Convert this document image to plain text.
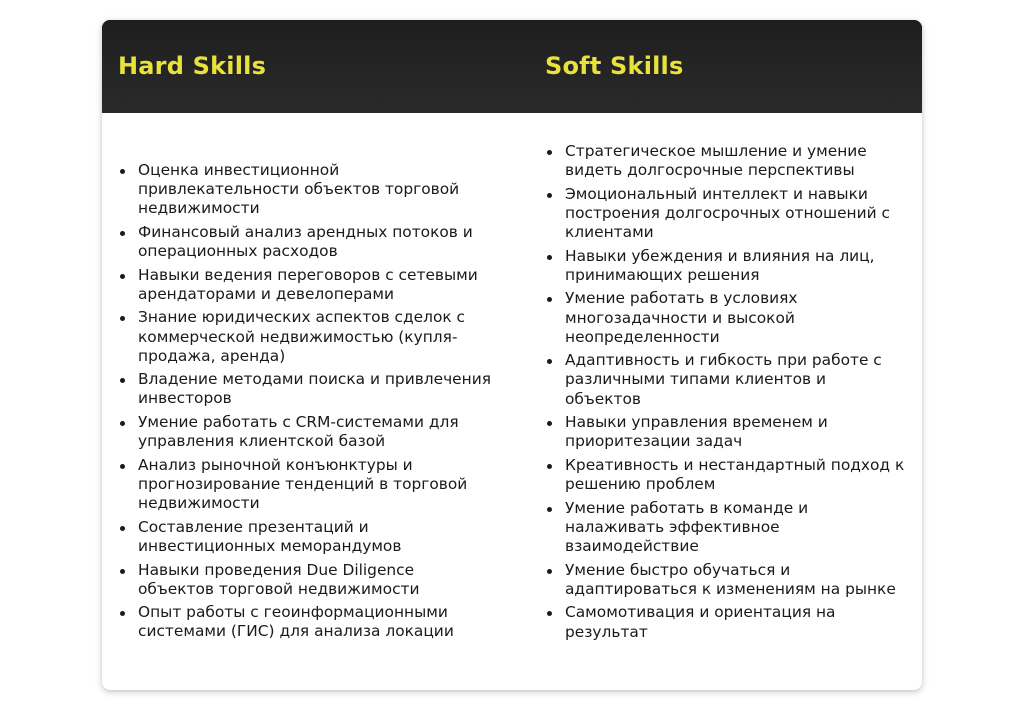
Hard Skills	Soft Skills
Оценка инвестиционной привлекательности объектов торговой недвижимости
Финансовый анализ арендных потоков и операционных расходов
Навыки ведения переговоров с сетевыми арендаторами и девелоперами
Знание юридических аспектов сделок с коммерческой недвижимостью (купля-продажа, аренда)
Владение методами поиска и привлечения инвесторов
Умение работать с CRM-системами для управления клиентской базой
Анализ рыночной конъюнктуры и прогнозирование тенденций в торговой недвижимости
Составление презентаций и инвестиционных меморандумов
Навыки проведения Due Diligence объектов торговой недвижимости
Опыт работы с геоинформационными системами (ГИС) для анализа локации
Стратегическое мышление и умение видеть долгосрочные перспективы
Эмоциональный интеллект и навыки построения долгосрочных отношений с клиентами
Навыки убеждения и влияния на лиц, принимающих решения
Умение работать в условиях многозадачности и высокой неопределенности
Адаптивность и гибкость при работе с различными типами клиентов и объектов
Навыки управления временем и приоритезации задач
Креативность и нестандартный подход к решению проблем
Умение работать в команде и налаживать эффективное взаимодействие
Умение быстро обучаться и адаптироваться к изменениям на рынке
Самомотивация и ориентация на результат
